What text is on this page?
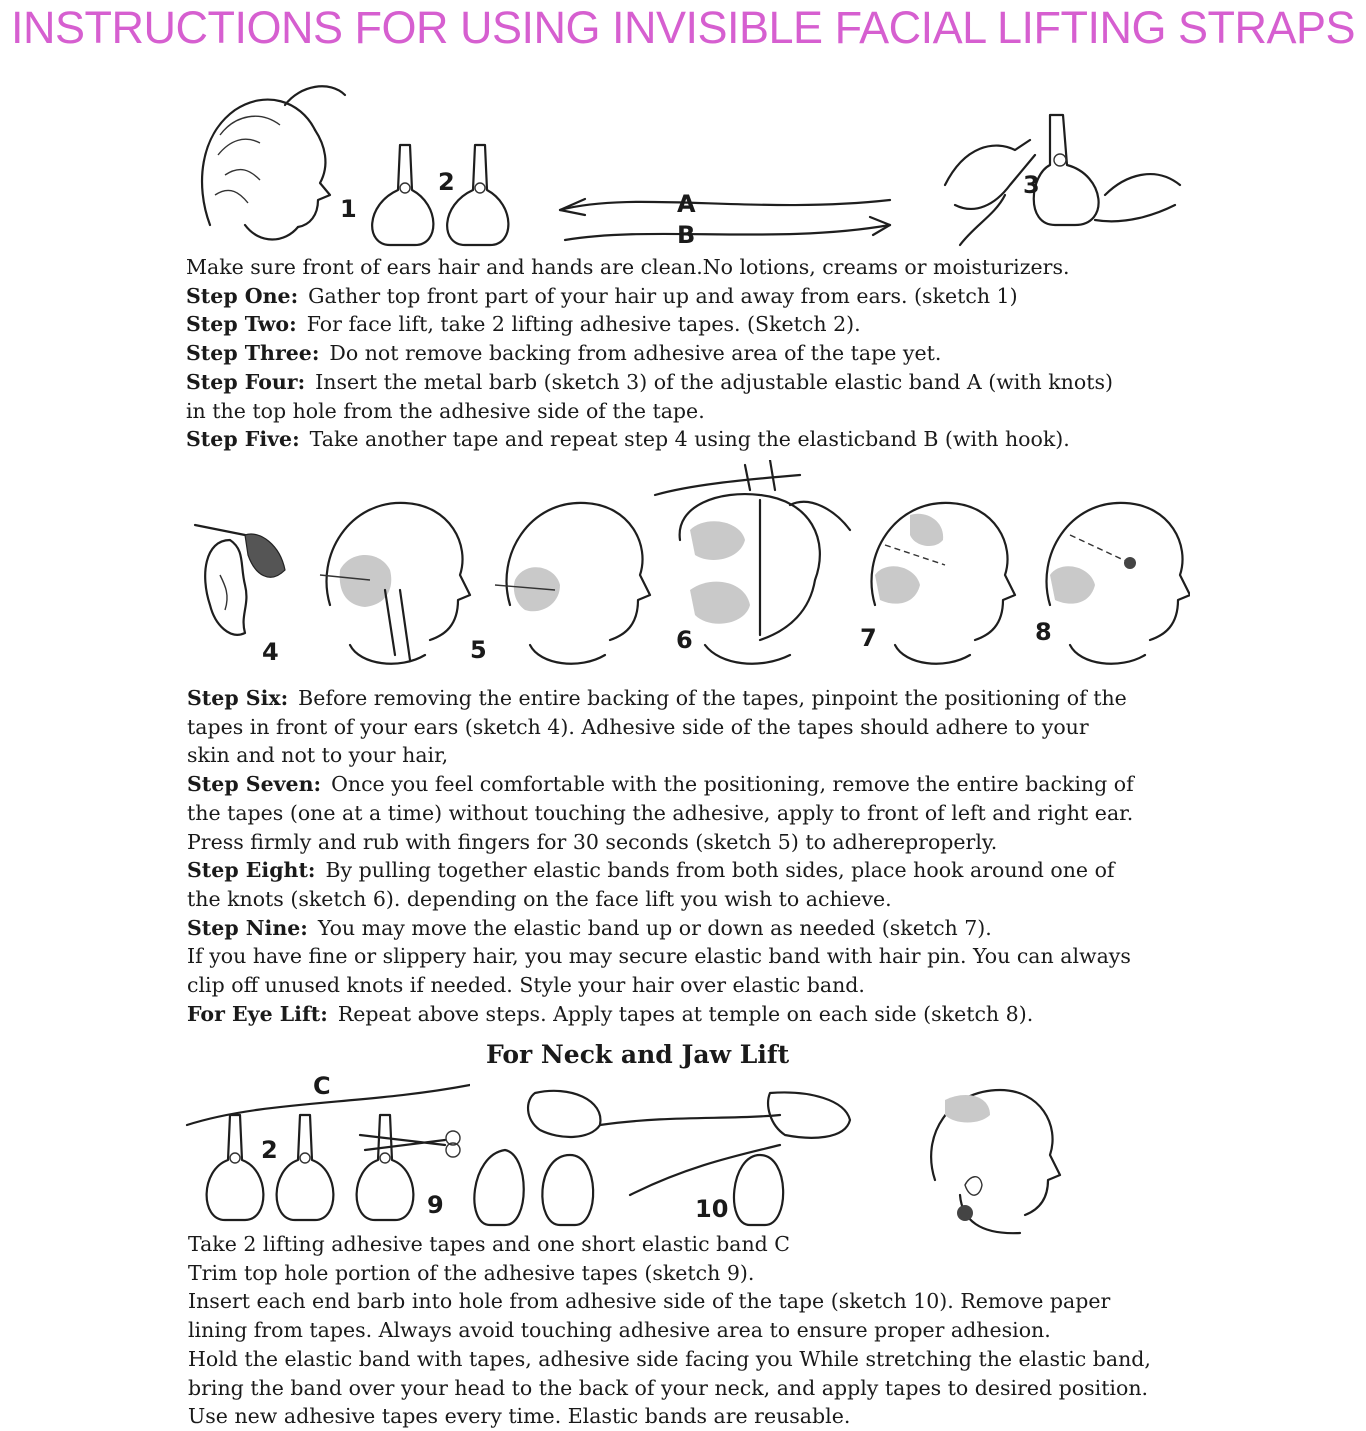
INSTRUCTIONS FOR USING INVISIBLE FACIAL LIFTING STRAPS
1
2
A
B
3

Make sure front of ears hair and hands are clean.No lotions, creams or moisturizers.

Step One: Gather top front part of your hair up and away from ears. (sketch 1)

Step Two: For face lift, take 2 lifting adhesive tapes. (Sketch 2).

Step Three: Do not remove backing from adhesive area of the tape yet.

Step Four: Insert the metal barb (sketch 3) of the adjustable elastic band A (with knots)

in the top hole from the adhesive side of the tape.

Step Five: Take another tape and repeat step 4 using the elasticband B (with hook).

4	5	6	7	8

Step Six: Before removing the entire backing of the tapes, pinpoint the positioning of the

tapes in front of your ears (sketch 4). Adhesive side of the tapes should adhere to your

skin and not to your hair,

Step Seven: Once you feel comfortable with the positioning, remove the entire backing of

the tapes (one at a time) without touching the adhesive, apply to front of left and right ear.

Press firmly and rub with fingers for 30 seconds (sketch 5) to adhereproperly.

Step Eight: By pulling together elastic bands from both sides, place hook around one of

the knots (sketch 6). depending on the face lift you wish to achieve.

Step Nine: You may move the elastic band up or down as needed (sketch 7).

If you have fine or slippery hair, you may secure elastic band with hair pin. You can always

clip off unused knots if needed. Style your hair over elastic band.

For Eye Lift: Repeat above steps. Apply tapes at temple on each side (sketch 8).

For Neck and Jaw Lift
C
2
9	10

Take 2 lifting adhesive tapes and one short elastic band C

Trim top hole portion of the adhesive tapes (sketch 9).

Insert each end barb into hole from adhesive side of the tape (sketch 10). Remove paper

lining from tapes. Always avoid touching adhesive area to ensure proper adhesion.

Hold the elastic band with tapes, adhesive side facing you While stretching the elastic band,

bring the band over your head to the back of your neck, and apply tapes to desired position.

Use new adhesive tapes every time. Elastic bands are reusable.
